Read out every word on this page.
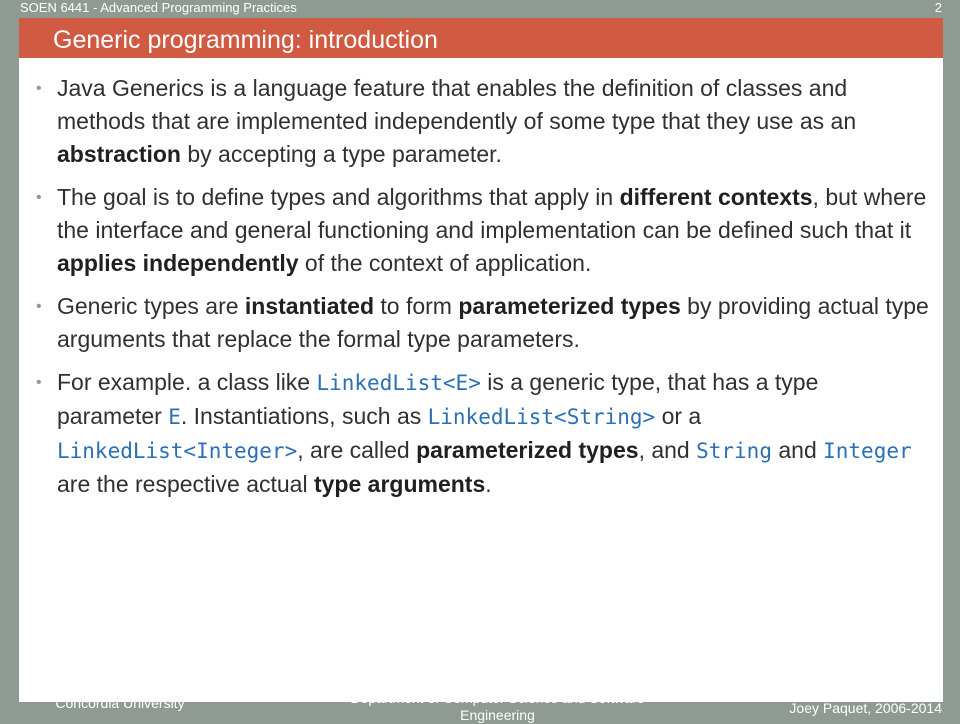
SOEN 6441 - Advanced Programming Practices	2
Generic programming: introduction
• Java Generics is a language feature that enables the definition of classes and methods that are implemented independently of some type that they use as an abstraction by accepting a type parameter.
• The goal is to define types and algorithms that apply in different contexts, but where the interface and general functioning and implementation can be defined such that it applies independently of the context of application.
• Generic types are instantiated to form parameterized types by providing actual type arguments that replace the formal type parameters.
• For example. a class like LinkedList<E> is a generic type, that has a type parameter E. Instantiations, such as LinkedList<String> or a LinkedList<Integer>, are called parameterized types, and String and Integer are the respective actual type arguments.
Concordia University	Department of Computer Science and Software Engineering	Joey Paquet, 2006-2014
